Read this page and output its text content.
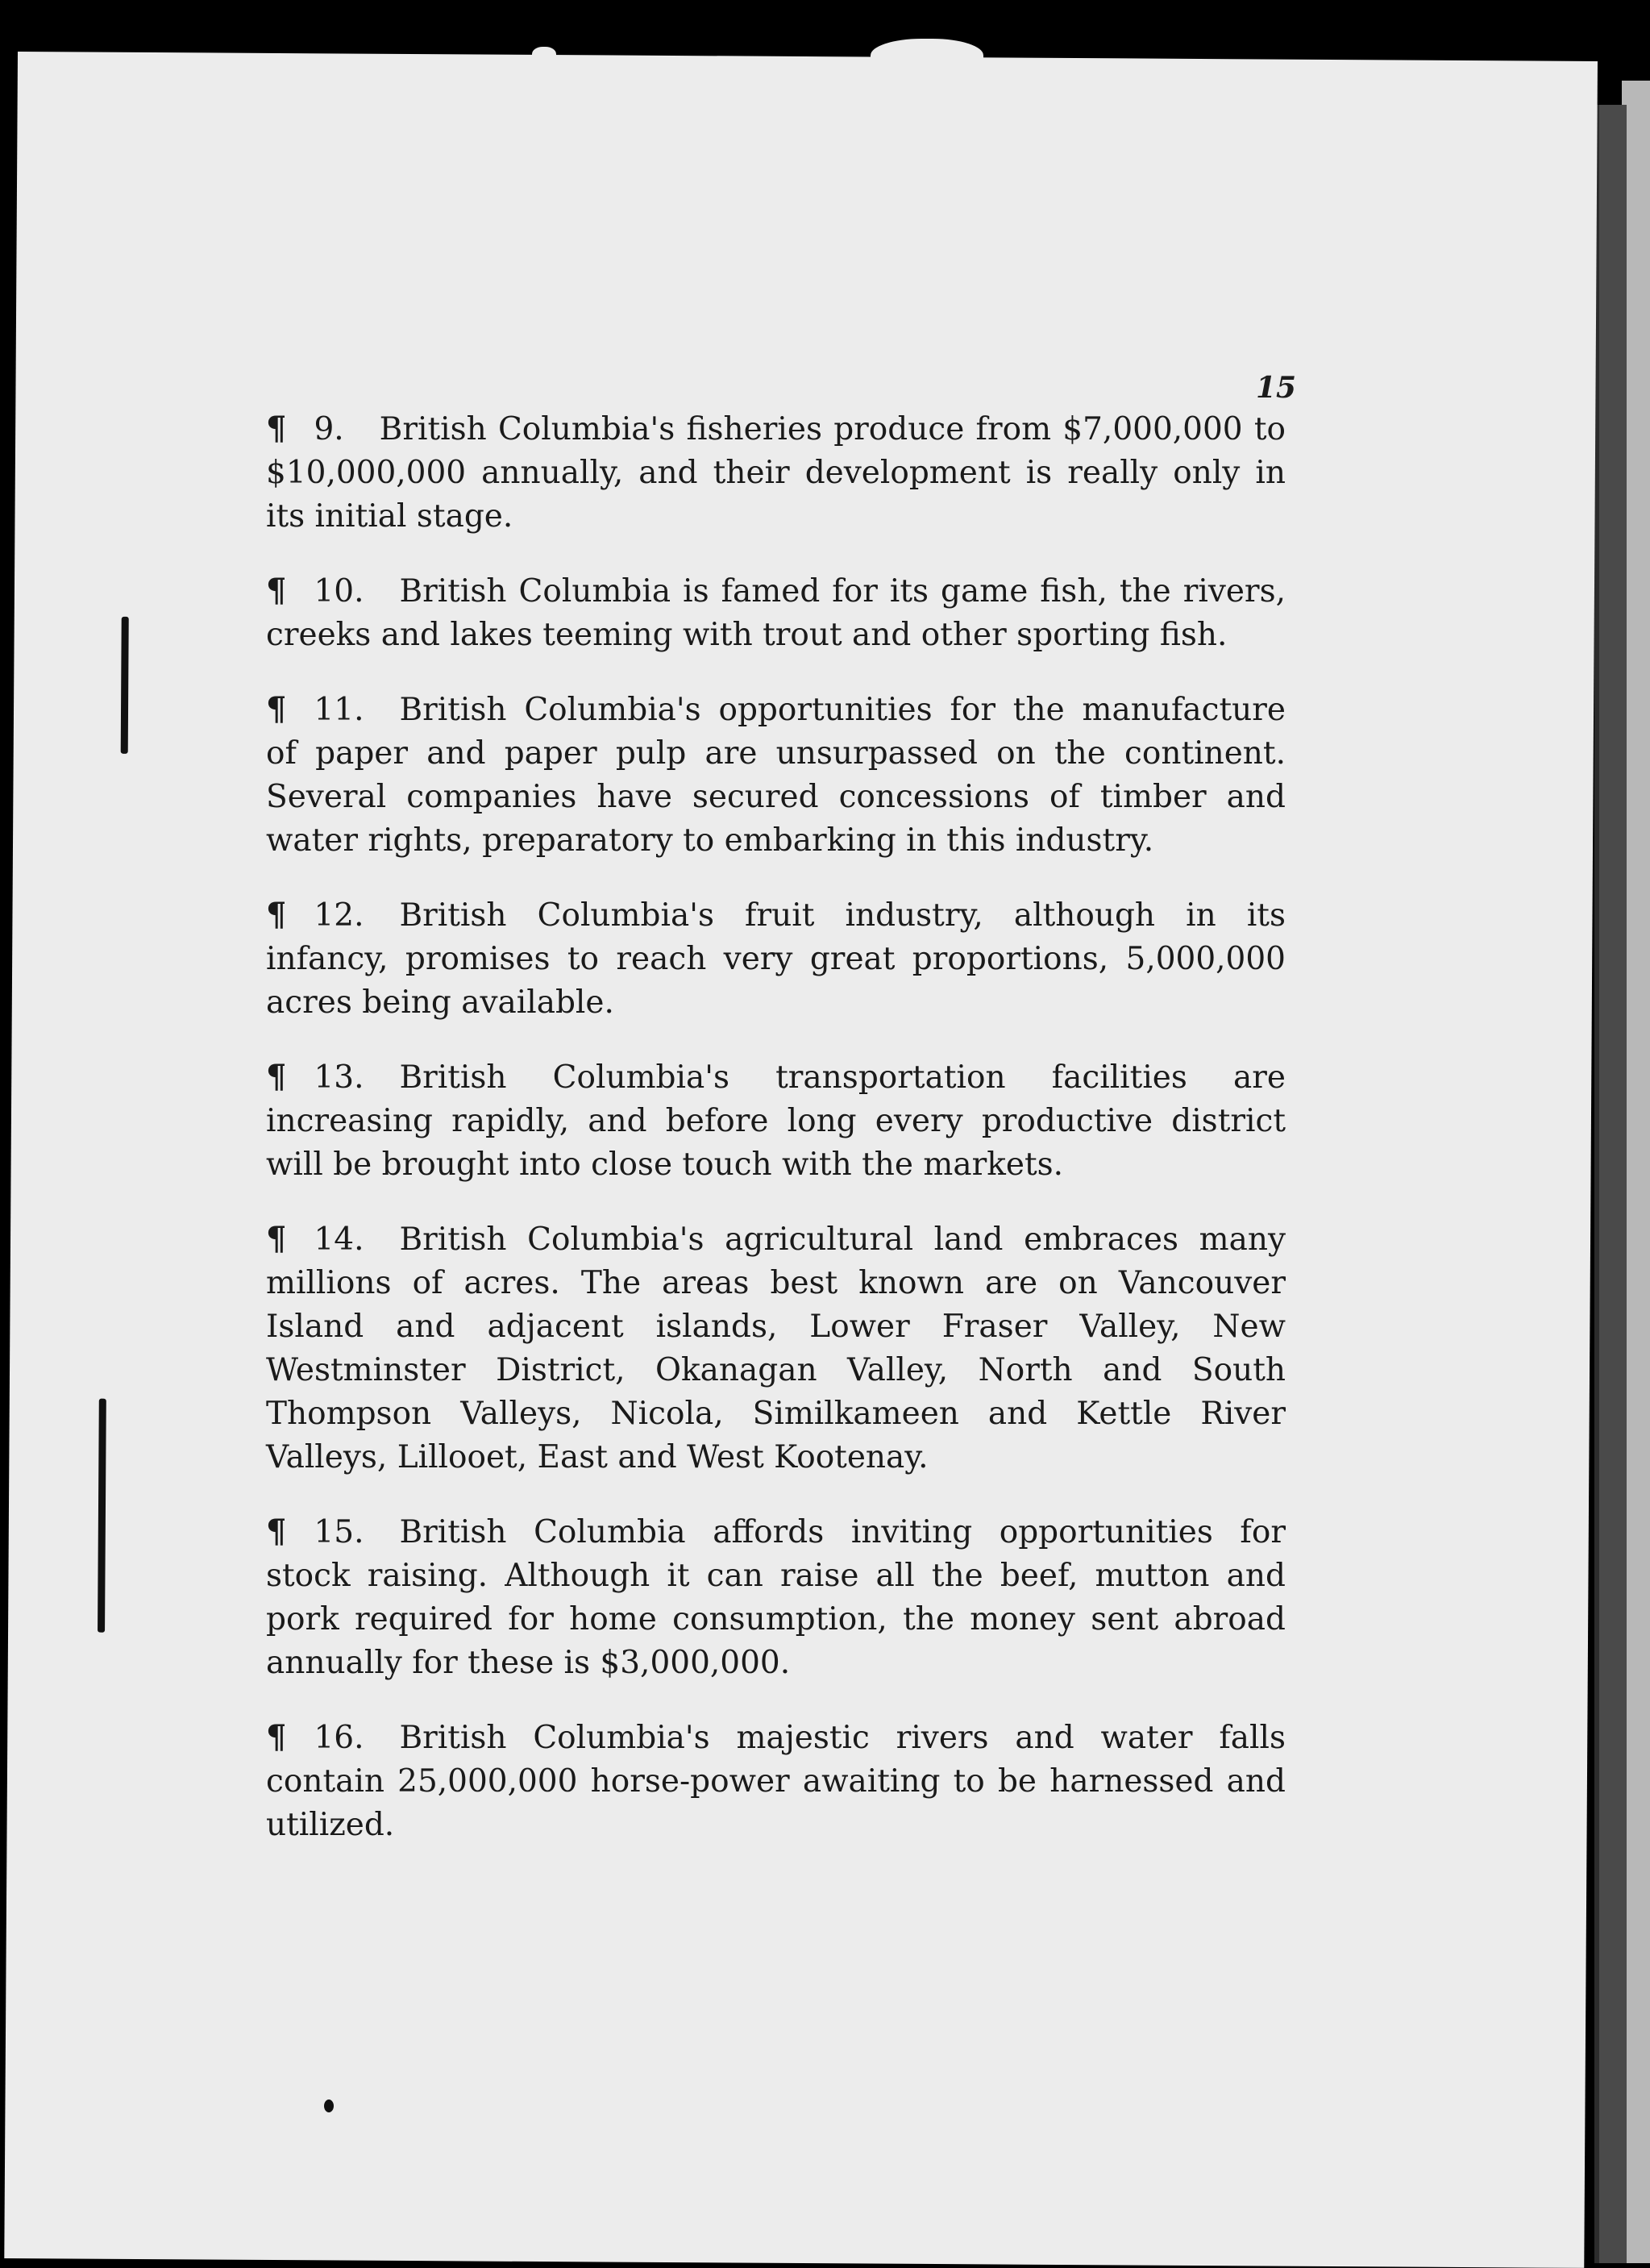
15

¶ 9. British Columbia's fisheries produce from $7,000,000 to $10,000,000 annually, and their development is really only in its initial stage.

¶ 10. British Columbia is famed for its game fish, the rivers, creeks and lakes teeming with trout and other sporting fish.

¶ 11. British Columbia's opportunities for the manufacture of paper and paper pulp are unsurpassed on the continent. Several companies have secured concessions of timber and water rights, preparatory to embarking in this industry.

¶ 12. British Columbia's fruit industry, although in its infancy, promises to reach very great proportions, 5,000,000 acres being available.

¶ 13. British Columbia's transportation facilities are increasing rapidly, and before long every productive district will be brought into close touch with the markets.

¶ 14. British Columbia's agricultural land embraces many millions of acres. The areas best known are on Vancouver Island and adjacent islands, Lower Fraser Valley, New Westminster District, Okanagan Valley, North and South Thompson Valleys, Nicola, Similkameen and Kettle River Valleys, Lillooet, East and West Kootenay.

¶ 15. British Columbia affords inviting opportunities for stock raising. Although it can raise all the beef, mutton and pork required for home consumption, the money sent abroad annually for these is $3,000,000.

¶ 16. British Columbia's majestic rivers and water falls contain 25,000,000 horse-power awaiting to be harnessed and utilized.
